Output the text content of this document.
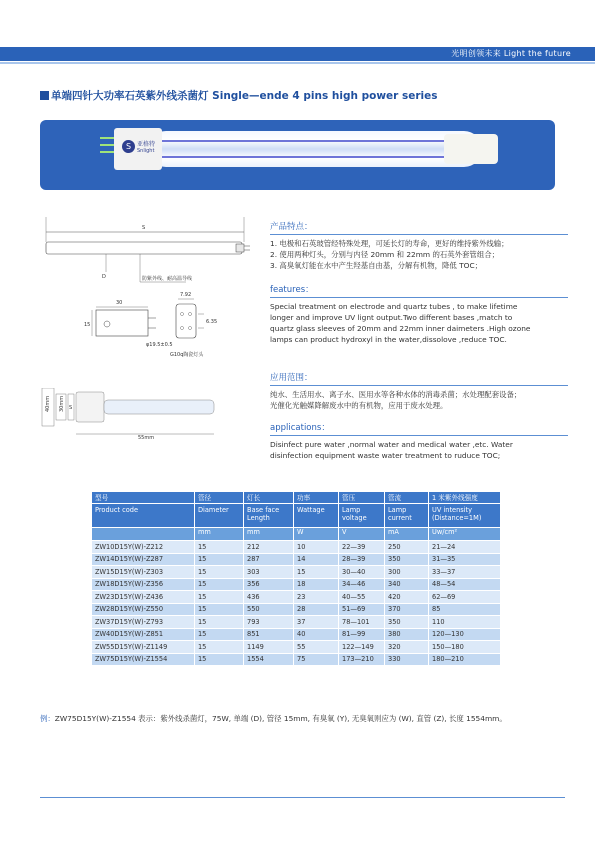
光明创领未来 Light the future
单端四针大功率石英紫外线杀菌灯 Single—ende 4 pins high power series
S 亚格特
Snlight
S
D	防紫外线、耐高温导线
30
15
φ19.5±0.5
7.92
6.35
G10q陶瓷灯头
40mm 30mm S
55mm
产品特点：
1. 电极和石英玻管经特殊处理，可延长灯的寿命，更好的维持紫外线输；
2. 使用两种灯头，分别与内径 20mm 和 22mm 的石英外套管组合；
3. 高臭氧灯能在水中产生羟基自由基，分解有机物，降低 TOC；
features：
Special treatment on electrode and quartz tubes , to make lifetime
longer and improve UV lignt output.Two different bases ,match to
quartz glass sleeves of 20mm and 22mm inner daimeters .High ozone
lamps can product hydroxyl in the water,dissolove ,reduce TOC.
应用范围：
纯水、生活用水、离子水、医用水等各种水体的消毒杀菌；水处理配套设备；
光催化光触媒降解废水中的有机物，应用于废水处理。
applications：
Disinfect pure water ,normal water and medical water ,etc. Water
disinfection equipment waste water treatment to ruduce TOC;
型号	管径	灯长	功率	管压	管流	1 米紫外线强度
Product code	Diameter	Base face Length	Wattage	Lamp voltage	Lamp current	UV intensity (Distance=1M)
	mm	mm	W	V	mA	Uw/cm²
ZW10D15Y(W)-Z212	15	212	10	22—39	250	21—24
ZW14D15Y(W)-Z287	15	287	14	28—39	350	31—35
ZW15D15Y(W)-Z303	15	303	15	30—40	300	33—37
ZW18D15Y(W)-Z356	15	356	18	34—46	340	48—54
ZW23D15Y(W)-Z436	15	436	23	40—55	420	62—69
ZW28D15Y(W)-Z550	15	550	28	51—69	370	85
ZW37D15Y(W)-Z793	15	793	37	78—101	350	110
ZW40D15Y(W)-Z851	15	851	40	81—99	380	120—130
ZW55D15Y(W)-Z1149	15	1149	55	122—149	320	150—180
ZW75D15Y(W)-Z1554	15	1554	75	173—210	330	180—210
例：ZW75D15Y(W)-Z1554 表示：紫外线杀菌灯，75W, 单端 (D), 管径 15mm, 有臭氧 (Y), 无臭氧则应为 (W), 直管 (Z), 长度 1554mm。
